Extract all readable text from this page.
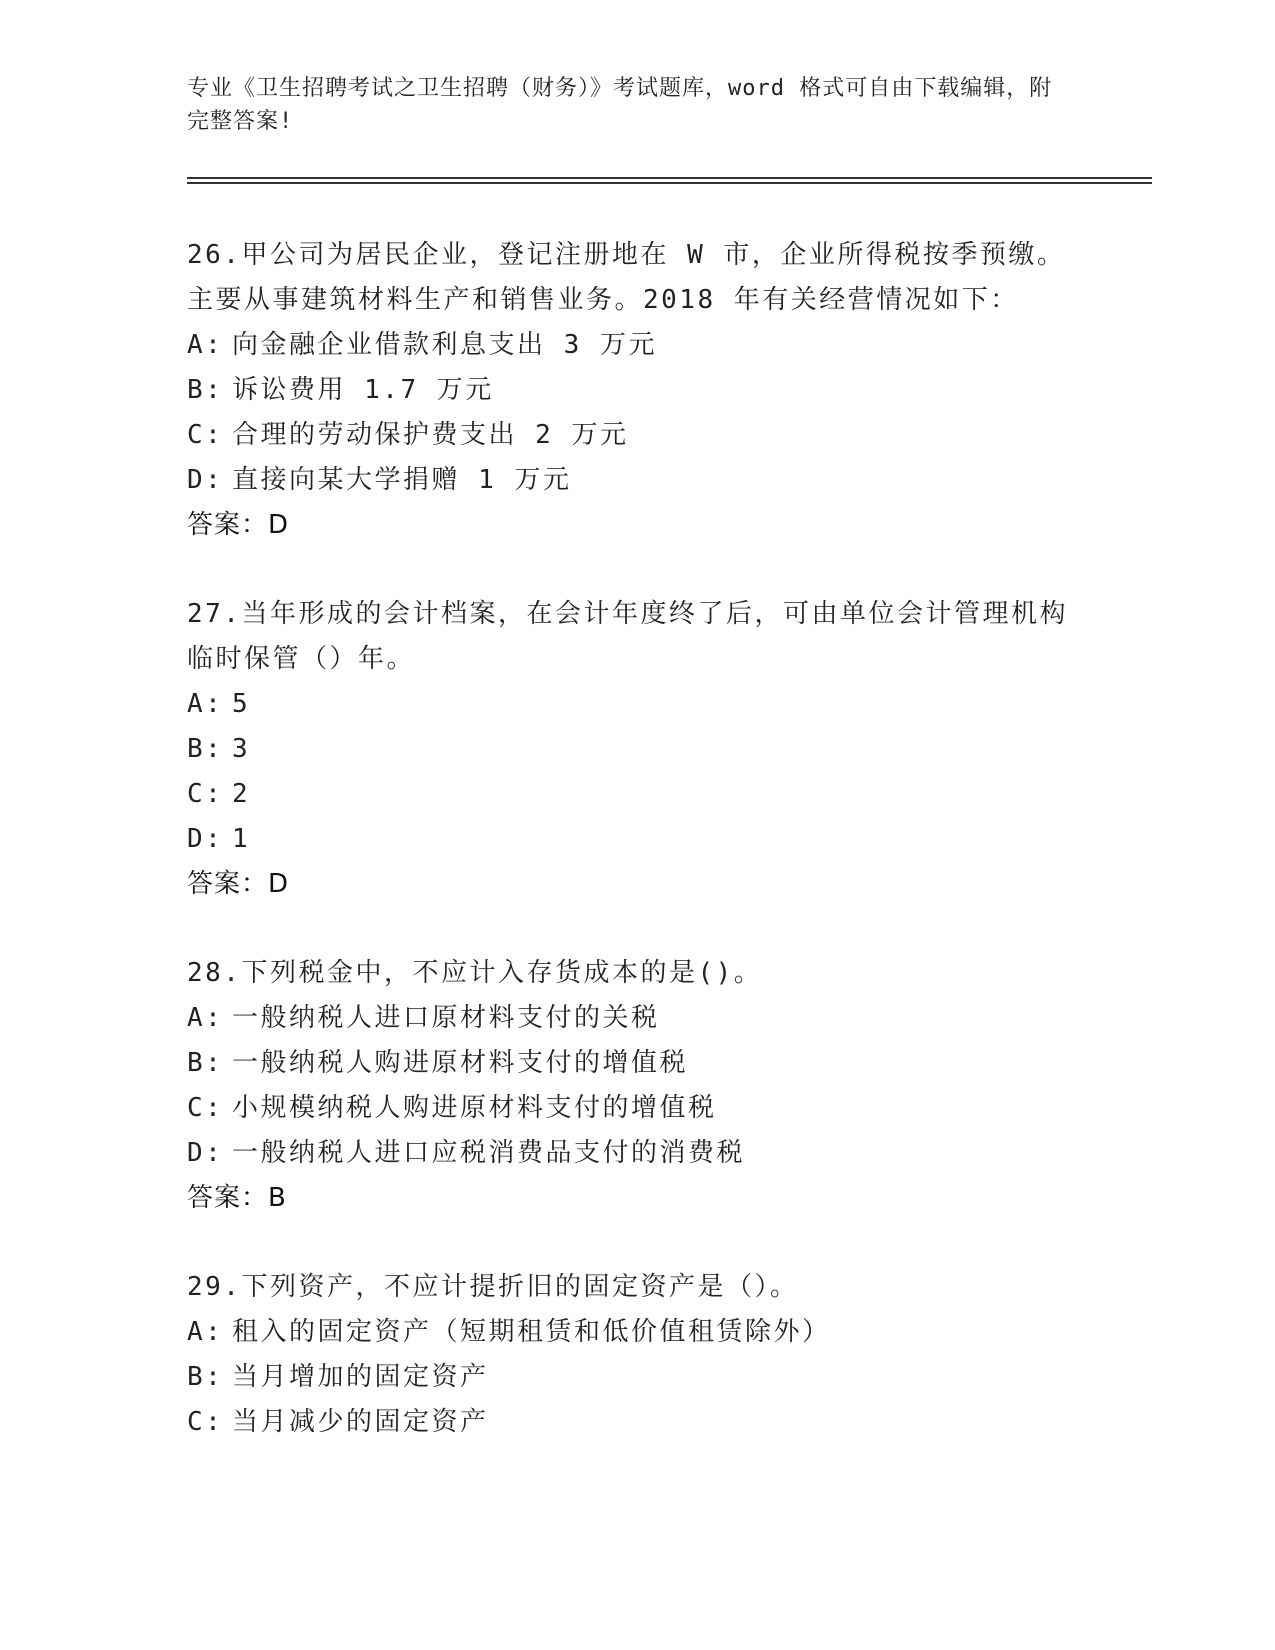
专业《卫生招聘考试之卫生招聘（财务）》考试题库，word 格式可自由下载编辑，附完整答案!
26.甲公司为居民企业，登记注册地在 W 市，企业所得税按季预缴。主要从事建筑材料生产和销售业务。2018 年有关经营情况如下：
A: 向金融企业借款利息支出 3 万元
B: 诉讼费用 1.7 万元
C: 合理的劳动保护费支出 2 万元
D: 直接向某大学捐赠 1 万元
答案：D
27.当年形成的会计档案，在会计年度终了后，可由单位会计管理机构临时保管（）年。
A: 5
B: 3
C: 2
D: 1
答案：D
28.下列税金中，不应计入存货成本的是()。
A: 一般纳税人进口原材料支付的关税
B: 一般纳税人购进原材料支付的增值税
C: 小规模纳税人购进原材料支付的增值税
D: 一般纳税人进口应税消费品支付的消费税
答案：B
29.下列资产，不应计提折旧的固定资产是（）。
A: 租入的固定资产（短期租赁和低价值租赁除外）
B: 当月增加的固定资产
C: 当月减少的固定资产
